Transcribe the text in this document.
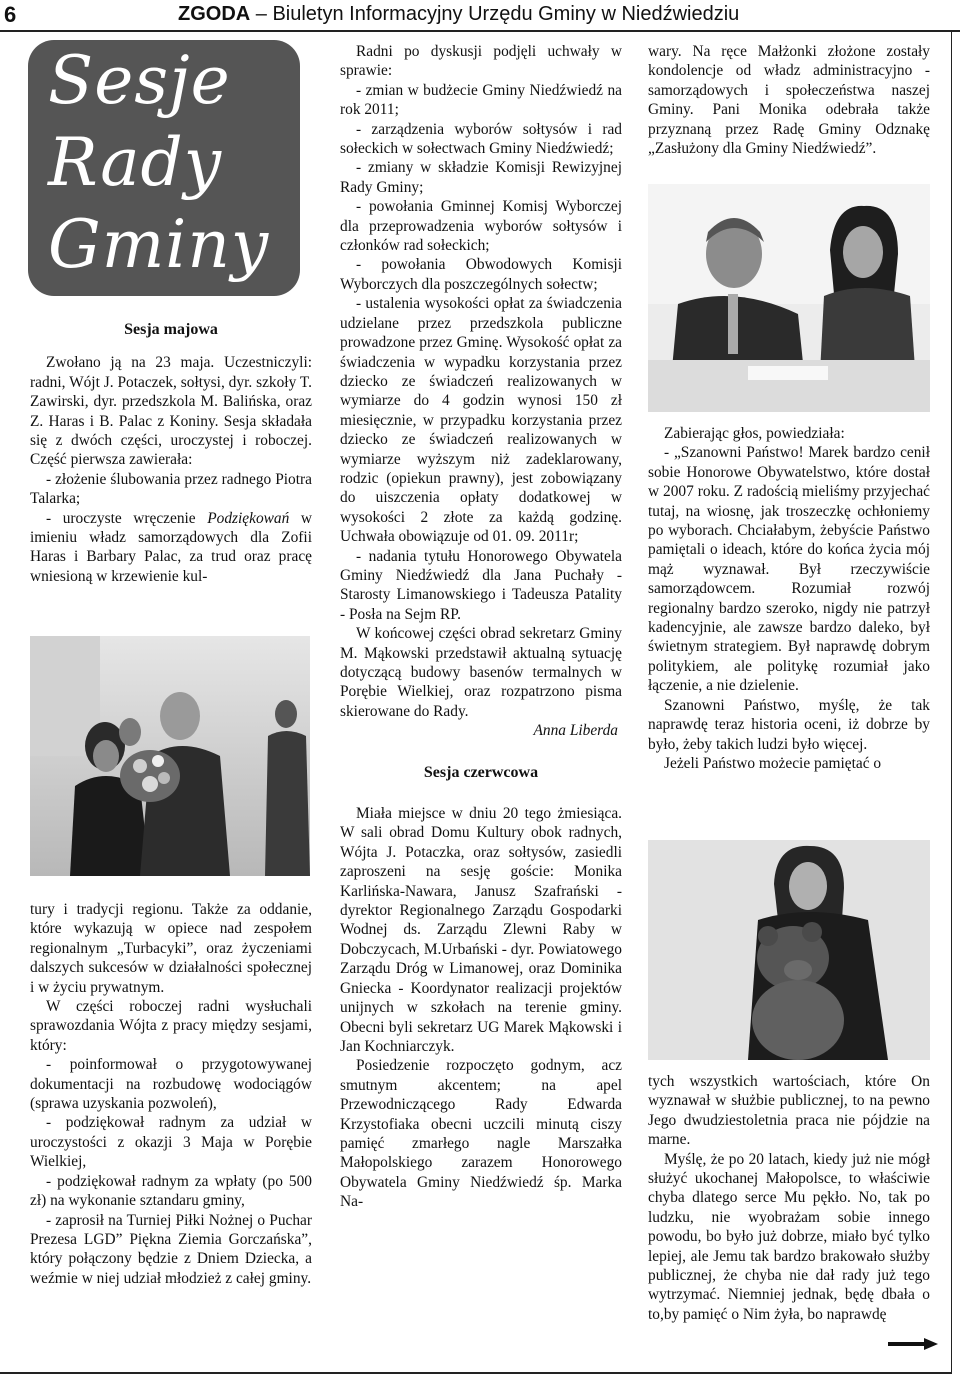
6	ZGODA – Biuletyn Informacyjny Urzędu Gminy w Niedźwiedziu
Sesje
Rady
Gminy

Sesja majowa

Zwołano ją na 23 maja. Uczestniczyli: radni, Wójt J. Potaczek, sołtysi, dyr. szkoły T. Zawirski, dyr. przedszkola M. Balińska, oraz Z. Haras i B. Palac z Koniny. Sesja składała się z dwóch części, uroczystej i roboczej. Część pierwsza zawierała:

- złożenie ślubowania przez radnego Piotra Talarka;

- uroczyste wręczenie Podziękowań w imieniu władz samorządowych dla Zofii Haras i Barbary Palac, za trud oraz pracę wniesioną w krzewienie kul-

tury i tradycji regionu. Także za oddanie, które wykazują w opiece nad zespołem regionalnym „Turbacyki”, oraz życzeniami dalszych sukcesów w działalności społecznej i w życiu prywatnym.

W części roboczej radni wysłuchali sprawozdania Wójta z pracy między sesjami, który:

- poinformował o przygotowywanej dokumentacji na rozbudowę wodociągów (sprawa uzyskania pozwoleń),

- podziękował radnym za udział w uroczystości z okazji 3 Maja w Porębie Wielkiej,

- podziękował radnym za wpłaty (po 500 zł) na wykonanie sztandaru gminy,

- zaprosił na Turniej Piłki Nożnej o Puchar Prezesa LGD” Piękna Ziemia Gorczańska”, który połączony będzie z Dniem Dziecka, a weźmie w niej udział młodzież z całej gminy.

Radni po dyskusji podjęli uchwały w sprawie:

- zmian w budżecie Gminy Niedźwiedź na rok 2011;

- zarządzenia wyborów sołtysów i rad sołeckich w sołectwach Gminy Niedźwiedź;

- zmiany w składzie Komisji Rewizyjnej Rady Gminy;

- powołania Gminnej Komisj Wyborczej dla przeprowadzenia wyborów sołtysów i członków rad sołeckich;

- powołania Obwodowych Komisji Wyborczych dla poszczególnych sołectw;

- ustalenia wysokości opłat za świadczenia udzielane przez przedszkola publiczne prowadzone przez Gminę. Wysokość opłat za świadczenia w wypadku korzystania przez dziecko ze świadczeń realizowanych w wymiarze do 4 godzin wynosi 150 zł miesięcznie, w przypadku korzystania przez dziecko ze świadczeń realizowanych w wymiarze wyższym niż zadeklarowany, rodzic (opiekun prawny), jest zobowiązany do uiszczenia opłaty dodatkowej w wysokości 2 złote za każdą godzinę. Uchwała obowiązuje od 01. 09. 2011r;

- nadania tytułu Honorowego Obywatela Gminy Niedźwiedź dla Jana Puchały - Starosty Limanowskiego i Tadeusza Patality - Posła na Sejm RP.

W końcowej części obrad sekretarz Gminy M. Mąkowski przedstawił aktualną sytuację dotyczącą budowy basenów termalnych w Porębie Wielkiej, oraz rozpatrzono pisma skierowane do Rady.

Anna Liberda

Sesja czerwcowa

Miała miejsce w dniu 20 tego żmiesiąca. W sali obrad Domu Kultury obok radnych, Wójta J. Potaczka, oraz sołtysów, zasiedli zaproszeni na sesję goście: Monika Karlińska-Nawara, Janusz Szafrański - dyrektor Regionalnego Zarządu Gospodarki Wodnej ds. Zarządu Zlewni Raby w Dobczycach, M.Urbański - dyr. Powiatowego Zarządu Dróg w Limanowej, oraz Dominika Gniecka - Koordynator realizacji projektów unijnych w szkołach na terenie gminy. Obecni byli sekretarz UG Marek Mąkowski i Jan Kochniarczyk.

Posiedzenie rozpoczęto godnym, acz smutnym akcentem; na apel Przewodniczącego Rady Edwarda Krzystofiaka obecni uczcili minutą ciszy pamięć zmarłego nagle Marszałka Małopolskiego zarazem Honorowego Obywatela Gminy Niedźwiedź śp. Marka Na-

wary. Na ręce Małżonki złożone zostały kondolencje od władz administracyjno - samorządowych i społeczeństwa naszej Gminy. Pani Monika odebrała także przyznaną przez Radę Gminy Odznakę „Zasłużony dla Gminy Niedźwiedź”.

Zabierając głos, powiedziała:

- „Szanowni Państwo! Marek bardzo cenił sobie Honorowe Obywatelstwo, które dostał w 2007 roku. Z radością mieliśmy przyjechać tutaj, na wiosnę, jak troszeczkę ochłoniemy po wyborach. Chciałabym, żebyście Państwo pamiętali o ideach, które do końca życia mój mąż wyznawał. Był rzeczywiście samorządowcem. Rozumiał rozwój regionalny bardzo szeroko, nigdy nie patrzył kadencyjnie, ale zawsze bardzo daleko, był świetnym strategiem. Był naprawdę dobrym politykiem, ale politykę rozumiał jako łączenie, a nie dzielenie.

Szanowni Państwo, myślę, że tak naprawdę teraz historia oceni, iż dobrze by było, żeby takich ludzi było więcej.

Jeżeli Państwo możecie pamiętać o

tych wszystkich wartościach, które On wyznawał w służbie publicznej, to na pewno Jego dwudziestoletnia praca nie pójdzie na marne.

Myślę, że po 20 latach, kiedy już nie mógł służyć ukochanej Małopolsce, to właściwie chyba dlatego serce Mu pękło. No, tak po ludzku, nie wyobrażam sobie innego powodu, bo było już dobrze, miało być tylko lepiej, ale Jemu tak bardzo brakowało służby publicznej, że chyba nie dał rady już tego wytrzymać. Niemniej jednak, będę dbała o to,by pamięć o Nim żyła, bo naprawdę
